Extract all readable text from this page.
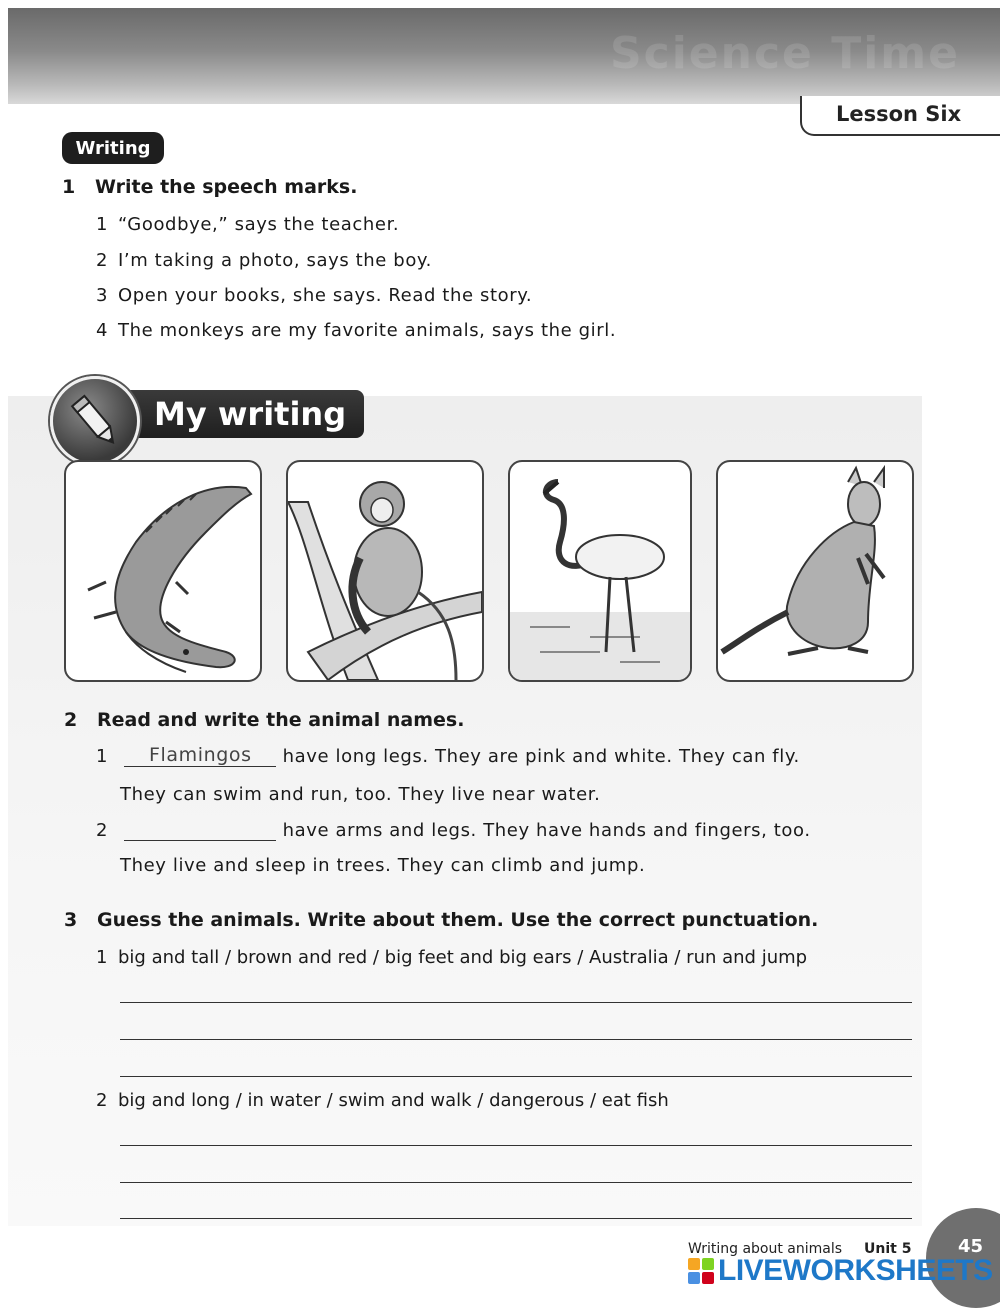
Science Time
Lesson Six
Writing
1 Write the speech marks.
1 “Goodbye,” says the teacher.
2 I’m taking a photo, says the boy.
3 Open your books, she says. Read the story.
4 The monkeys are my favorite animals, says the girl.
My writing
2 Read and write the animal names.
1 Flamingos have long legs. They are pink and white. They can fly.
They can swim and run, too. They live near water.
2	have arms and legs. They have hands and fingers, too.
They live and sleep in trees. They can climb and jump.
3 Guess the animals. Write about them. Use the correct punctuation.
1 big and tall / brown and red / big feet and big ears / Australia / run and jump
2 big and long / in water / swim and walk / dangerous / eat fish
Writing about animals Unit 5	45
LIVEWORKSHEETS
